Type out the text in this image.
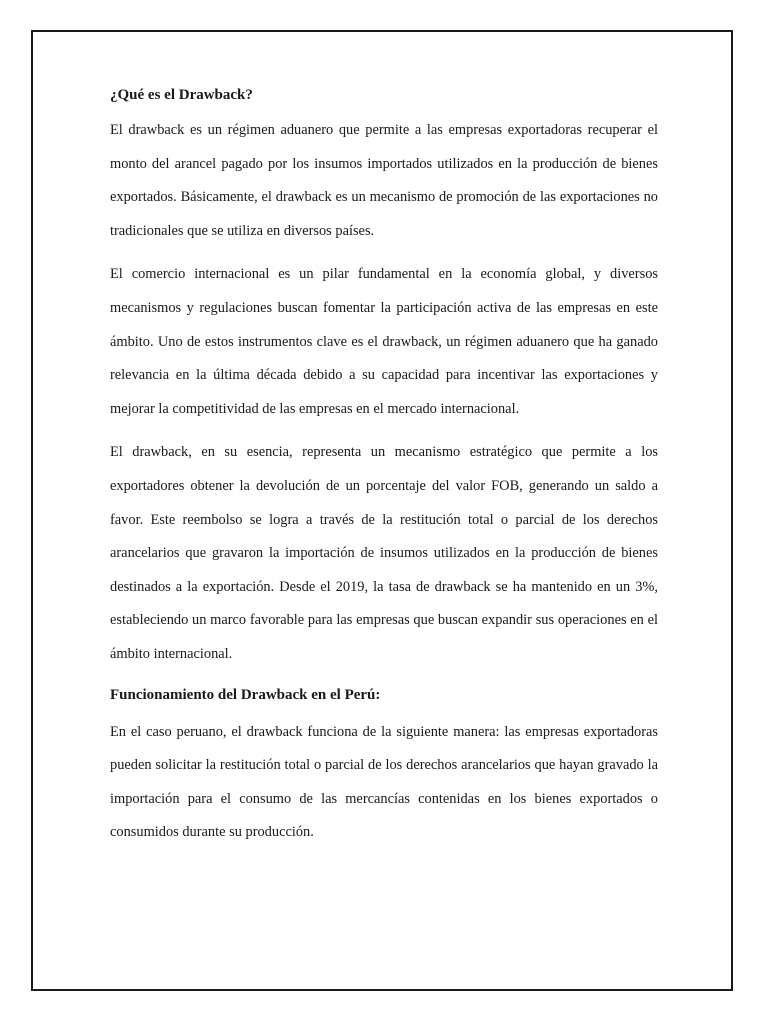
¿Qué es el Drawback?

El drawback es un régimen aduanero que permite a las empresas exportadoras recuperar el monto del arancel pagado por los insumos importados utilizados en la producción de bienes exportados. Básicamente, el drawback es un mecanismo de promoción de las exportaciones no tradicionales que se utiliza en diversos países.

El comercio internacional es un pilar fundamental en la economía global, y diversos mecanismos y regulaciones buscan fomentar la participación activa de las empresas en este ámbito. Uno de estos instrumentos clave es el drawback, un régimen aduanero que ha ganado relevancia en la última década debido a su capacidad para incentivar las exportaciones y mejorar la competitividad de las empresas en el mercado internacional.

El drawback, en su esencia, representa un mecanismo estratégico que permite a los exportadores obtener la devolución de un porcentaje del valor FOB, generando un saldo a favor. Este reembolso se logra a través de la restitución total o parcial de los derechos arancelarios que gravaron la importación de insumos utilizados en la producción de bienes destinados a la exportación. Desde el 2019, la tasa de drawback se ha mantenido en un 3%, estableciendo un marco favorable para las empresas que buscan expandir sus operaciones en el ámbito internacional.

Funcionamiento del Drawback en el Perú:

En el caso peruano, el drawback funciona de la siguiente manera: las empresas exportadoras pueden solicitar la restitución total o parcial de los derechos arancelarios que hayan gravado la importación para el consumo de las mercancías contenidas en los bienes exportados o consumidos durante su producción.
